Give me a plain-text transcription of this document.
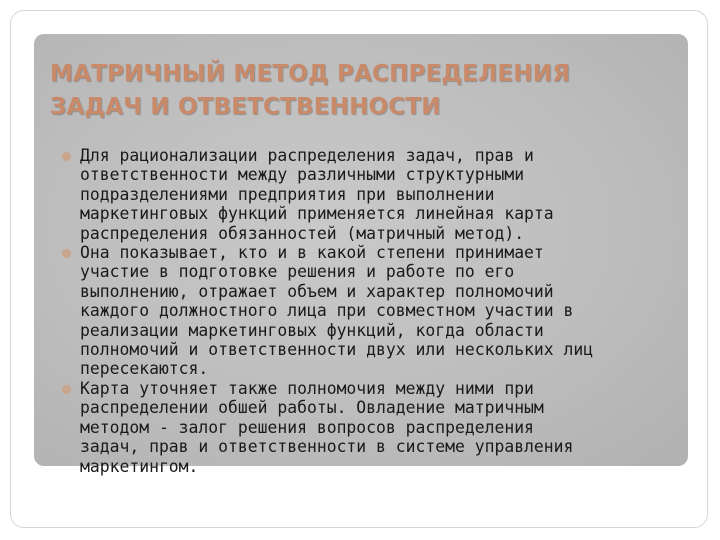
МАТРИЧНЫЙ МЕТОД РАСПРЕДЕЛЕНИЯ
ЗАДАЧ И ОТВЕТСТВЕННОСТИ
Для рационализации распределения задач, прав и
ответственности между различными структурными
подразделениями предприятия при выполнении
маркетинговых функций применяется линейная карта
распределения обязанностей (матричный метод).
Она показывает, кто и в какой степени принимает
участие в подготовке решения и работе по его
выполнению, отражает объем и характер полномочий
каждого должностного лица при совместном участии в
реализации маркетинговых функций, когда области
полномочий и ответственности двух или нескольких лиц
пересекаются.
Карта уточняет также полномочия между ними при
распределении обшей работы. Овладение матричным
методом - залог решения вопросов распределения
задач, прав и ответственности в системе управления
маркетингом.
